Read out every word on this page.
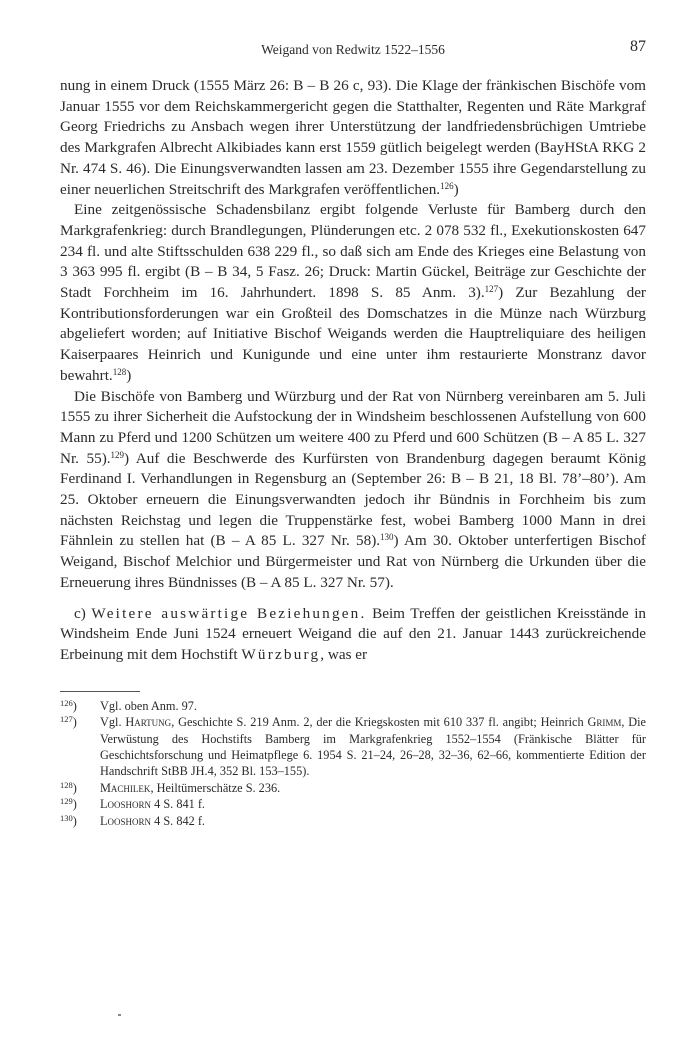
Weigand von Redwitz 1522–1556	87

nung in einem Druck (1555 März 26: B – B 26 c, 93). Die Klage der fränkischen Bischöfe vom Januar 1555 vor dem Reichskammergericht gegen die Statthalter, Regenten und Räte Markgraf Georg Friedrichs zu Ansbach wegen ihrer Unterstützung der landfriedensbrüchigen Umtriebe des Markgrafen Albrecht Alkibiades kann erst 1559 gütlich beigelegt werden (BayHStA RKG 2 Nr. 474 S. 46). Die Einungsverwandten lassen am 23. Dezember 1555 ihre Gegendarstellung zu einer neuerlichen Streitschrift des Markgrafen veröffentlichen.$^{126}$)

Eine zeitgenössische Schadensbilanz ergibt folgende Verluste für Bamberg durch den Markgrafenkrieg: durch Brandlegungen, Plünderungen etc. 2 078 532 fl., Exekutionskosten 647 234 fl. und alte Stiftsschulden 638 229 fl., so daß sich am Ende des Krieges eine Belastung von 3 363 995 fl. ergibt (B – B 34, 5 Fasz. 26; Druck: Martin Gückel, Beiträge zur Geschichte der Stadt Forchheim im 16. Jahrhundert. 1898 S. 85 Anm. 3).$^{127}$) Zur Bezahlung der Kontributionsforderungen war ein Großteil des Domschatzes in die Münze nach Würzburg abgeliefert worden; auf Initiative Bischof Weigands werden die Hauptreliquiare des heiligen Kaiserpaares Heinrich und Kunigunde und eine unter ihm restaurierte Monstranz davor bewahrt.$^{128}$)

Die Bischöfe von Bamberg und Würzburg und der Rat von Nürnberg vereinbaren am 5. Juli 1555 zu ihrer Sicherheit die Aufstockung der in Windsheim beschlossenen Aufstellung von 600 Mann zu Pferd und 1200 Schützen um weitere 400 zu Pferd und 600 Schützen (B – A 85 L. 327 Nr. 55).$^{129}$) Auf die Beschwerde des Kurfürsten von Brandenburg dagegen beraumt König Ferdinand I. Verhandlungen in Regensburg an (September 26: B – B 21, 18 Bl. 78’–80’). Am 25. Oktober erneuern die Einungsverwandten jedoch ihr Bündnis in Forchheim bis zum nächsten Reichstag und legen die Truppenstärke fest, wobei Bamberg 1000 Mann in drei Fähnlein zu stellen hat (B – A 85 L. 327 Nr. 58).$^{130}$) Am 30. Oktober unterfertigen Bischof Weigand, Bischof Melchior und Bürgermeister und Rat von Nürnberg die Urkunden über die Erneuerung ihres Bündnisses (B – A 85 L. 327 Nr. 57).

c) Weitere auswärtige Beziehungen. Beim Treffen der geistlichen Kreisstände in Windsheim Ende Juni 1524 erneuert Weigand die auf den 21. Januar 1443 zurückreichende Erbeinung mit dem Hochstift Würzburg, was er

$^{126}$)	Vgl. oben Anm. 97.
$^{127}$)	Vgl. Hartung, Geschichte S. 219 Anm. 2, der die Kriegskosten mit 610 337 fl. angibt; Heinrich Grimm, Die Verwüstung des Hochstifts Bamberg im Markgrafenkrieg 1552–1554 (Fränkische Blätter für Geschichtsforschung und Heimatpflege 6. 1954 S. 21–24, 26–28, 32–36, 62–66, kommentierte Edition der Handschrift StBB JH.4, 352 Bl. 153–155).
$^{128}$)	Machilek, Heiltümerschätze S. 236.
$^{129}$)	Looshorn 4 S. 841 f.
$^{130}$)	Looshorn 4 S. 842 f.
